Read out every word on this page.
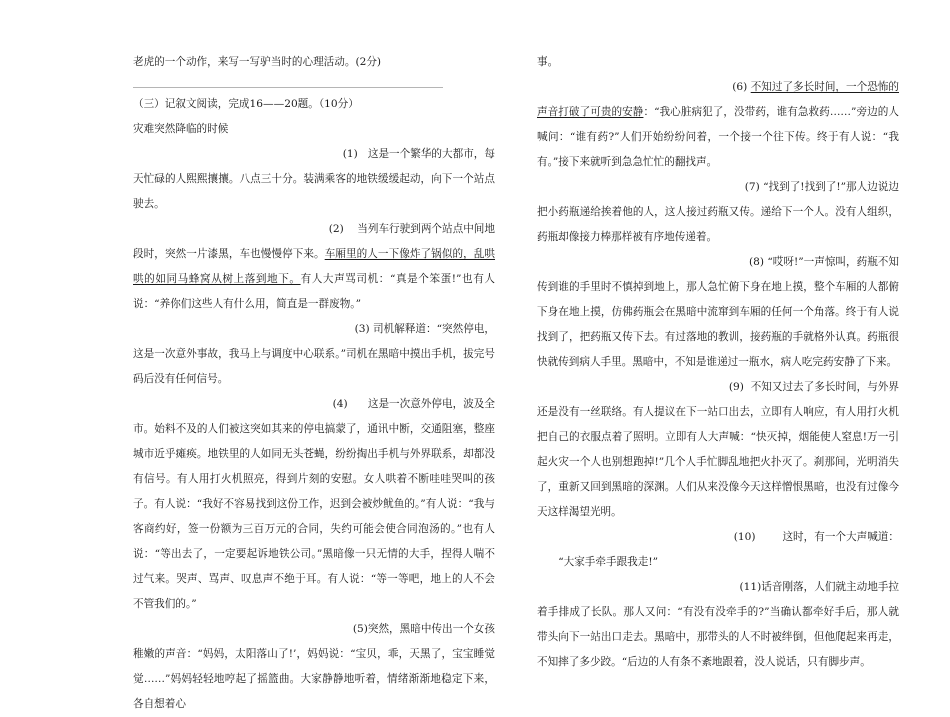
老虎的一个动作，来写一写驴当时的心理活动。(2分)

（三）记叙文阅读，完成16——20题。（10分）

灾难突然降临的时候

(1) 这是一个繁华的大都市，每

天忙碌的人熙熙攘攘。八点三十分。装满乘客的地铁缓缓起动，向下一个站点驶去。

(2) 当列车行驶到两个站点中间地

段时，突然一片漆黑，车也慢慢停下来。车厢里的人一下像炸了锅似的，乱哄哄的如同马蜂窝从树上落到地下。有人大声骂司机：“真是个笨蛋!”也有人说：“养你们这些人有什么用，简直是一群废物。”

(3) 司机解释道：“突然停电，

这是一次意外事故，我马上与调度中心联系。”司机在黑暗中摸出手机，拔完号码后没有任何信号。

(4) 这是一次意外停电，波及全

市。始料不及的人们被这突如其来的停电搞蒙了，通讯中断，交通阻塞，整座城市近乎瘫痪。地铁里的人如同无头苍蝇，纷纷掏出手机与外界联系，却都没有信号。有人用打火机照亮，得到片刻的安慰。女人哄着不断哇哇哭叫的孩子。有人说：“我好不容易找到这份工作，迟到会被炒鱿鱼的。”有人说：“我与客商约好，签一份额为三百万元的合同，失约可能会使合同泡汤的。”也有人说：“等出去了，一定要起诉地铁公司。”黑暗像一只无情的大手，捏得人喘不过气来。哭声、骂声、叹息声不绝于耳。有人说：“等一等吧，地上的人不会不管我们的。”

(5)突然，黑暗中传出一个女孩

稚嫩的声音：“妈妈，太阳落山了!’，妈妈说：“宝贝，乖，天黑了，宝宝睡觉觉……”妈妈轻轻地哼起了摇篮曲。大家静静地听着，情绪渐渐地稳定下来，各自想着心

事。

(6) 不知过了多长时间，一个恐怖的

声音打破了可贵的安静：“我心脏病犯了，没带药，谁有急救药……”旁边的人喊问：“谁有药?”人们开始纷纷问着，一个接一个往下传。终于有人说：“我有。”接下来就听到急急忙忙的翻找声。

(7) “找到了!找到了!”那人边说边

把小药瓶递给挨着他的人，这人接过药瓶又传。递给下一个人。没有人组织，药瓶却像接力棒那样被有序地传递着。

(8) “哎呀!”一声惊叫，药瓶不知

传到谁的手里时不慎掉到地上，那人急忙俯下身在地上摸，整个车厢的人都俯下身在地上摸，仿佛药瓶会在黑暗中流窜到车厢的任何一个角落。终于有人说找到了，把药瓶又传下去。有过落地的教训，接药瓶的手就格外认真。药瓶很快就传到病人手里。黑暗中，不知是谁递过一瓶水，病人吃完药安静了下来。

(9) 不知又过去了多长时间，与外界

还是没有一丝联络。有人提议在下一站口出去，立即有人响应，有人用打火机把自己的衣服点着了照明。立即有人大声喊：“快灭掉，烟能使人窒息!万一引起火灾一个人也别想跑掉!”几个人手忙脚乱地把火扑灭了。刹那间，光明消失了，重新又回到黑暗的深渊。人们从来没像今天这样憎恨黑暗，也没有过像今天这样渴望光明。

(10)	这时，有一个大声喊道：

“大家手牵手跟我走!”

(11)话音刚落，人们就主动地手拉

着手排成了长队。那人又问：“有没有没牵手的?”当确认都牵好手后，那人就带头向下一站出口走去。黑暗中，那带头的人不时被绊倒，但他爬起来再走，不知摔了多少跤。“后边的人有条不紊地跟着，没人说话，只有脚步声。
